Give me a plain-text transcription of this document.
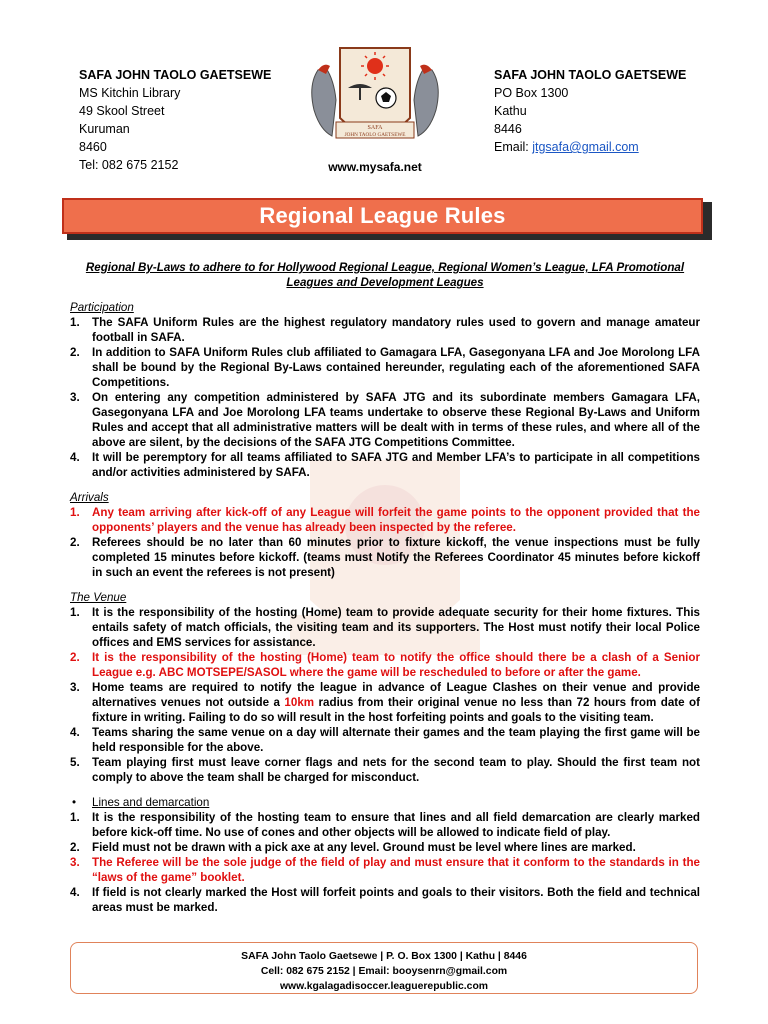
SAFA JOHN TAOLO GAETSEWE
MS Kitchin Library
49 Skool Street
Kuruman
8460
Tel: 082 675 2152
SAFA
JOHN TAOLO GAETSEWE
www.mysafa.net
SAFA JOHN TAOLO GAETSEWE
PO Box 1300
Kathu
8446
Email: jtgsafa@gmail.com
Regional League Rules

Regional By-Laws to adhere to for Hollywood Regional League, Regional Women’s League, LFA Promotional Leagues and Development Leagues

Participation

1. The SAFA Uniform Rules are the highest regulatory mandatory rules used to govern and manage amateur football in SAFA.
2. In addition to SAFA Uniform Rules club affiliated to Gamagara LFA, Gasegonyana LFA and Joe Morolong LFA shall be bound by the Regional By-Laws contained hereunder, regulating each of the aforementioned SAFA Competitions.
3. On entering any competition administered by SAFA JTG and its subordinate members Gamagara LFA, Gasegonyana LFA and Joe Morolong LFA teams undertake to observe these Regional By-Laws and Uniform Rules and accept that all administrative matters will be dealt with in terms of these rules, and where all of the above are silent, by the decisions of the SAFA JTG Competitions Committee.
4. It will be peremptory for all teams affiliated to SAFA JTG and Member LFA’s to participate in all competitions and/or activities administered by SAFA.

Arrivals

1. Any team arriving after kick-off of any League will forfeit the game points to the opponent provided that the opponents’ players and the venue has already been inspected by the referee.
2. Referees should be no later than 60 minutes prior to fixture kickoff, the venue inspections must be fully completed 15 minutes before kickoff. (teams must Notify the Referees Coordinator 45 minutes before kickoff in such an event the referees is not present)

The Venue

1. It is the responsibility of the hosting (Home) team to provide adequate security for their home fixtures. This entails safety of match officials, the visiting team and its supporters. The Host must notify their local Police offices and EMS services for assistance.
2. It is the responsibility of the hosting (Home) team to notify the office should there be a clash of a Senior League e.g. ABC MOTSEPE/SASOL where the game will be rescheduled to before or after the game.
3. Home teams are required to notify the league in advance of League Clashes on their venue and provide alternatives venues not outside a 10km radius from their original venue no less than 72 hours from date of fixture in writing. Failing to do so will result in the host forfeiting points and goals to the visiting team.
4. Teams sharing the same venue on a day will alternate their games and the team playing the first game will be held responsible for the above.
5. Team playing first must leave corner flags and nets for the second team to play. Should the first team not comply to above the team shall be charged for misconduct.

• Lines and demarcation

1. It is the responsibility of the hosting team to ensure that lines and all field demarcation are clearly marked before kick-off time. No use of cones and other objects will be allowed to indicate field of play.
2. Field must not be drawn with a pick axe at any level. Ground must be level where lines are marked.
3. The Referee will be the sole judge of the field of play and must ensure that it conform to the standards in the “laws of the game” booklet.
4. If field is not clearly marked the Host will forfeit points and goals to their visitors. Both the field and technical areas must be marked.
SAFA John Taolo Gaetsewe | P. O. Box 1300 | Kathu | 8446
Cell: 082 675 2152 | Email: booysenrn@gmail.com
www.kgalagadisoccer.leaguerepublic.com
